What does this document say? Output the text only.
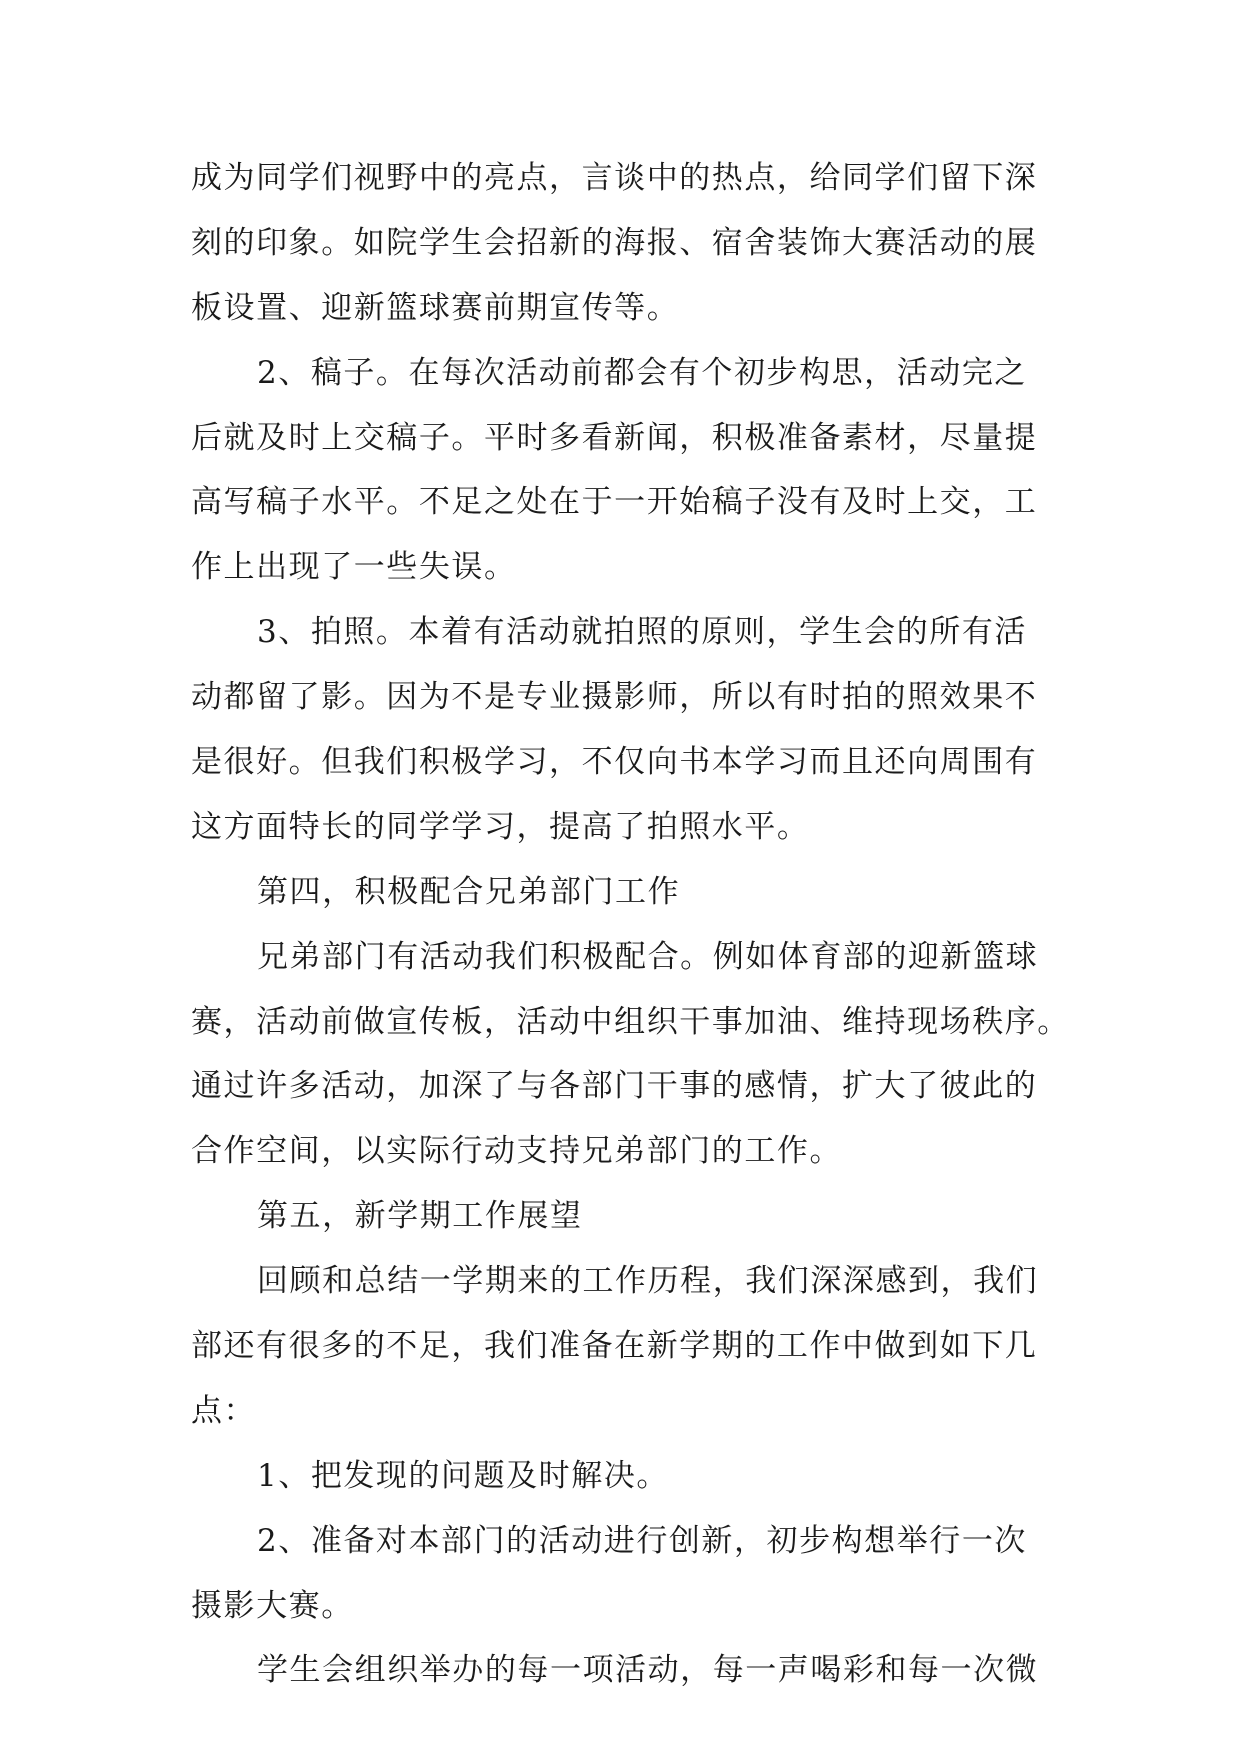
成为同学们视野中的亮点，言谈中的热点，给同学们留下深
刻的印象。如院学生会招新的海报、宿舍装饰大赛活动的展
板设置、迎新篮球赛前期宣传等。
2、稿子。在每次活动前都会有个初步构思，活动完之
后就及时上交稿子。平时多看新闻，积极准备素材，尽量提
高写稿子水平。不足之处在于一开始稿子没有及时上交，工
作上出现了一些失误。
3、拍照。本着有活动就拍照的原则，学生会的所有活
动都留了影。因为不是专业摄影师，所以有时拍的照效果不
是很好。但我们积极学习，不仅向书本学习而且还向周围有
这方面特长的同学学习，提高了拍照水平。
第四，积极配合兄弟部门工作
兄弟部门有活动我们积极配合。例如体育部的迎新篮球
赛，活动前做宣传板，活动中组织干事加油、维持现场秩序。
通过许多活动，加深了与各部门干事的感情，扩大了彼此的
合作空间，以实际行动支持兄弟部门的工作。
第五，新学期工作展望
回顾和总结一学期来的工作历程，我们深深感到，我们
部还有很多的不足，我们准备在新学期的工作中做到如下几
点：
1、把发现的问题及时解决。
2、准备对本部门的活动进行创新，初步构想举行一次
摄影大赛。
学生会组织举办的每一项活动，每一声喝彩和每一次微
